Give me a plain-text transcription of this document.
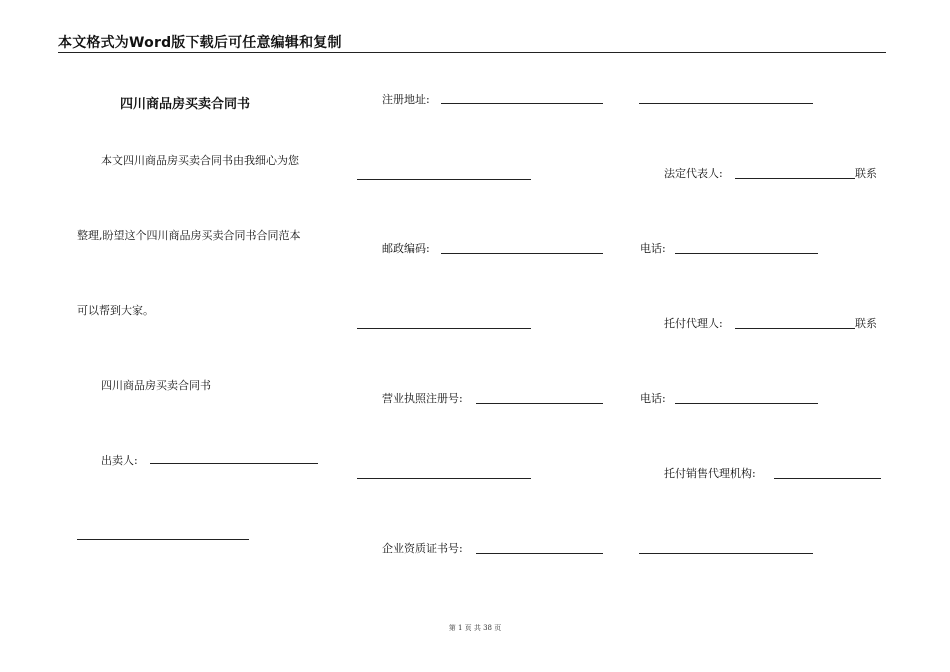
本文格式为Word版下载后可任意编辑和复制
四川商品房买卖合同书
本文四川商品房买卖合同书由我细心为您
整理,盼望这个四川商品房买卖合同书合同范本
可以帮到大家。
四川商品房买卖合同书
出卖人:
注册地址:
邮政编码:
营业执照注册号:
企业资质证书号:
法定代表人:	联系
电话:
托付代理人:	联系
电话:
托付销售代理机构:
第 1 页 共 38 页
